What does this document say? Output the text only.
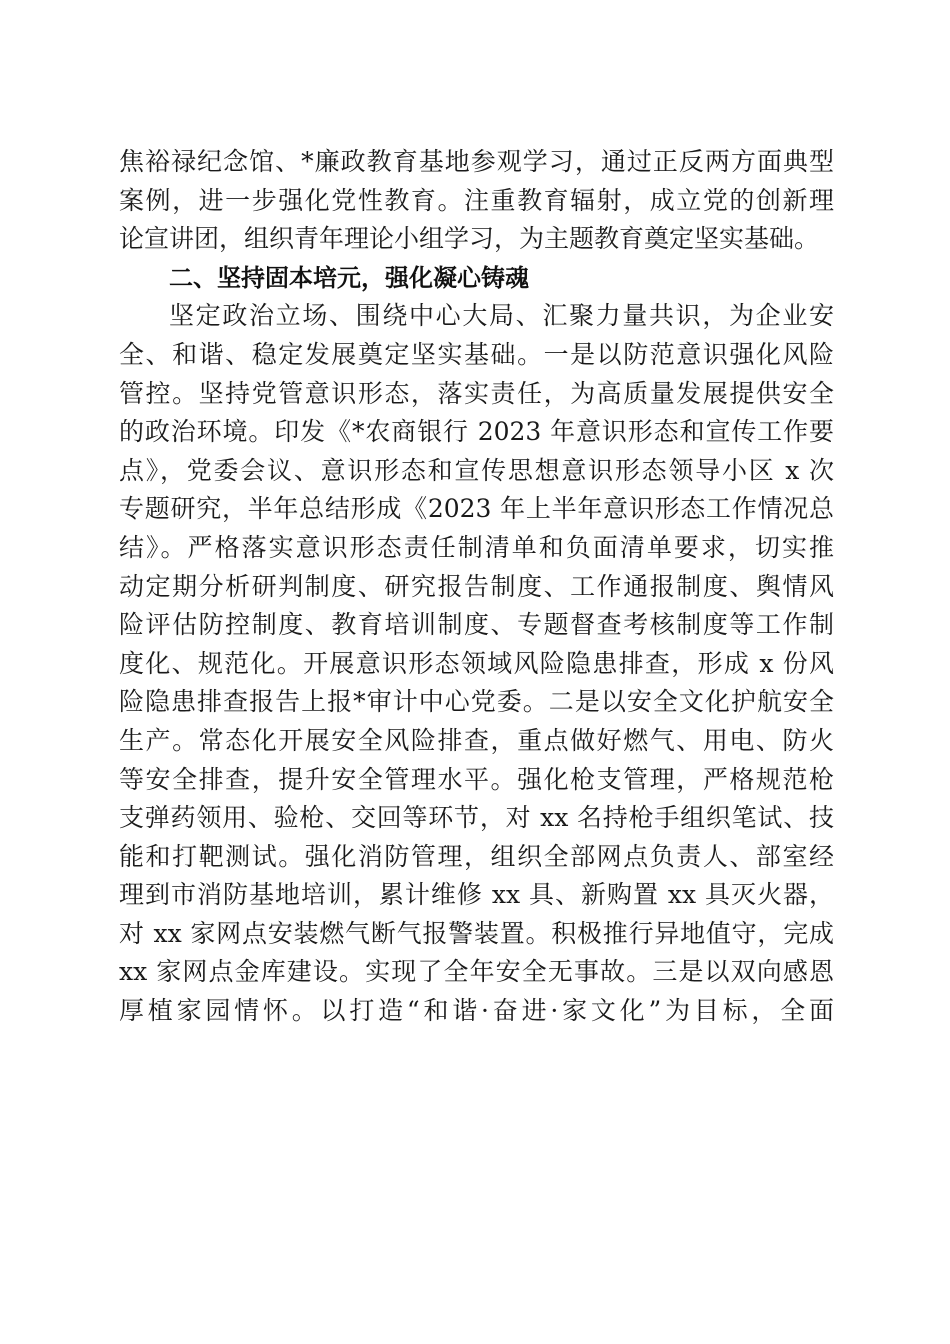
焦裕禄纪念馆、*廉政教育基地参观学习，通过正反两方面典型
案例，进一步强化党性教育。注重教育辐射，成立党的创新理
论宣讲团，组织青年理论小组学习，为主题教育奠定坚实基础。
二、坚持固本培元，强化凝心铸魂
坚定政治立场、围绕中心大局、汇聚力量共识，为企业安
全、和谐、稳定发展奠定坚实基础。一是以防范意识强化风险
管控。坚持党管意识形态，落实责任，为高质量发展提供安全
的政治环境。印发《*农商银行 2023 年意识形态和宣传工作要
点》，党委会议、意识形态和宣传思想意识形态领导小区 x 次
专题研究，半年总结形成《2023 年上半年意识形态工作情况总
结》。严格落实意识形态责任制清单和负面清单要求，切实推
动定期分析研判制度、研究报告制度、工作通报制度、舆情风
险评估防控制度、教育培训制度、专题督查考核制度等工作制
度化、规范化。开展意识形态领域风险隐患排查，形成 x 份风
险隐患排查报告上报*审计中心党委。二是以安全文化护航安全
生产。常态化开展安全风险排查，重点做好燃气、用电、防火
等安全排查，提升安全管理水平。强化枪支管理，严格规范枪
支弹药领用、验枪、交回等环节，对 xx 名持枪手组织笔试、技
能和打靶测试。强化消防管理，组织全部网点负责人、部室经
理到市消防基地培训，累计维修 xx 具、新购置 xx 具灭火器，
对 xx 家网点安装燃气断气报警装置。积极推行异地值守，完成
xx 家网点金库建设。实现了全年安全无事故。三是以双向感恩
厚植家园情怀。以打造“和谐·奋进·家文化”为目标，全面
